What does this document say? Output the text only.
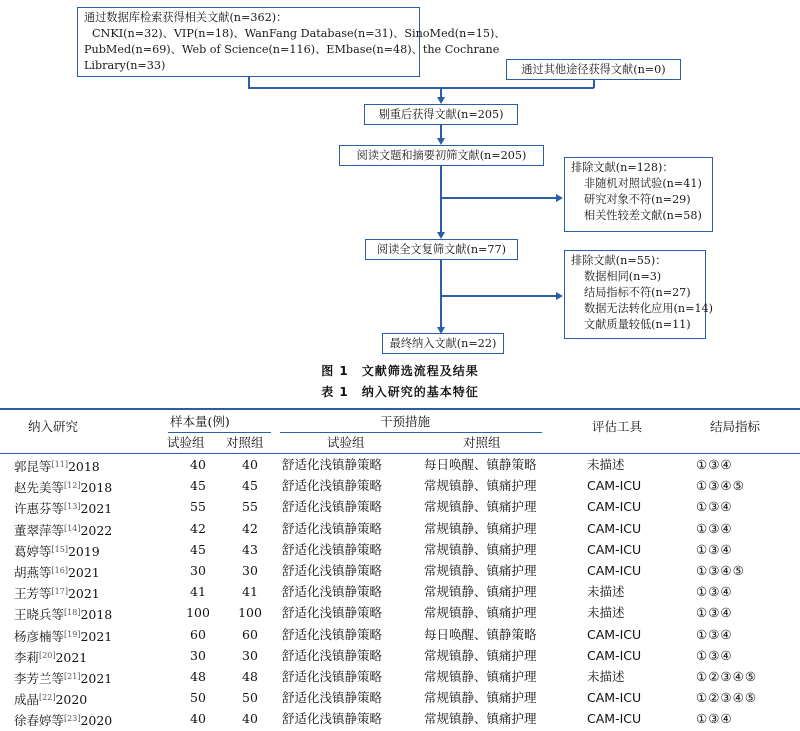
通过数据库检索获得相关文献(n=362)：
CNKI(n=32)、VIP(n=18)、WanFang Database(n=31)、SinoMed(n=15)、
PubMed(n=69)、Web of Science(n=116)、EMbase(n=48)、the Cochrane
Library(n=33)	通过其他途径获得文献(n=0)
剔重后获得文献(n=205)
阅读文题和摘要初筛文献(n=205)
排除文献(n=128)：
非随机对照试验(n=41)
研究对象不符(n=29)
相关性较差文献(n=58)
阅读全文复筛文献(n=77)
排除文献(n=55)：
数据相同(n=3)
结局指标不符(n=27)
数据无法转化应用(n=14)
文献质量较低(n=11)
最终纳入文献(n=22)
图 1　文献筛选流程及结果
表 1　纳入研究的基本特征
样本量(例)	干预措施
纳入研究	评估工具	结局指标
试验组 对照组	试验组	对照组
郭昆等[11]2018	40	40	舒适化浅镇静策略	每日唤醒、镇静策略	未描述	①③④
赵先美等[12]2018	45	45	舒适化浅镇静策略	常规镇静、镇痛护理	CAM-ICU	①③④⑤
许惠芬等[13]2021	55	55	舒适化浅镇静策略	常规镇静、镇痛护理	CAM-ICU	①③④
董翠萍等[14]2022	42	42	舒适化浅镇静策略	常规镇静、镇痛护理	CAM-ICU	①③④
葛婷等[15]2019	45	43	舒适化浅镇静策略	常规镇静、镇痛护理	CAM-ICU	①③④
胡燕等[16]2021	30	30	舒适化浅镇静策略	常规镇静、镇痛护理	CAM-ICU	①③④⑤
王芳等[17]2021	41	41	舒适化浅镇静策略	常规镇静、镇痛护理	未描述	①③④
王晓兵等[18]2018	100	100	舒适化浅镇静策略	常规镇静、镇痛护理	未描述	①③④
杨彦楠等[19]2021	60	60	舒适化浅镇静策略	每日唤醒、镇静策略	CAM-ICU	①③④
李莉[20]2021	30	30	舒适化浅镇静策略	常规镇静、镇痛护理	CAM-ICU	①③④
李芳兰等[21]2021	48	48	舒适化浅镇静策略	常规镇静、镇痛护理	未描述	①②③④⑤
成晶[22]2020	50	50	舒适化浅镇静策略	常规镇静、镇痛护理	CAM-ICU	①②③④⑤
徐春婷等[23]2020	40	40	舒适化浅镇静策略	常规镇静、镇痛护理	CAM-ICU	①③④
